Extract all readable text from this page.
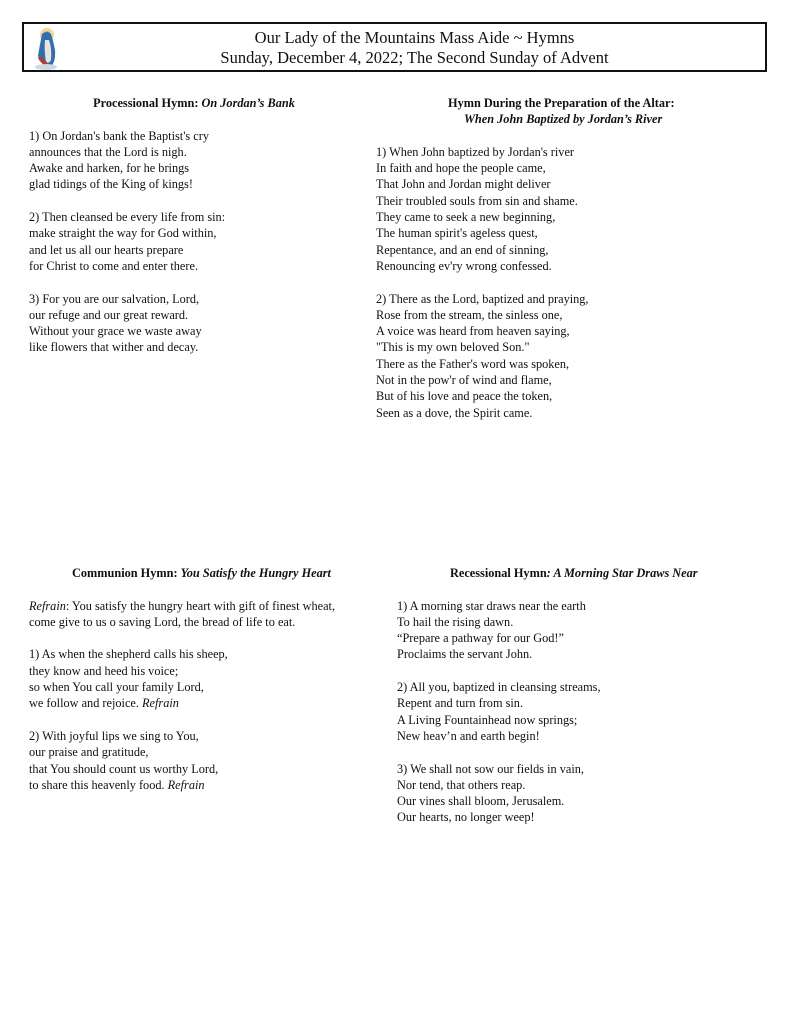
Our Lady of the Mountains Mass Aide ~ Hymns
Sunday, December 4, 2022; The Second Sunday of Advent
Processional Hymn: On Jordan’s Bank
1) On Jordan's bank the Baptist's cry
announces that the Lord is nigh.
Awake and harken, for he brings
glad tidings of the King of kings!
2) Then cleansed be every life from sin:
make straight the way for God within,
and let us all our hearts prepare
for Christ to come and enter there.
3) For you are our salvation, Lord,
our refuge and our great reward.
Without your grace we waste away
like flowers that wither and decay.
Hymn During the Preparation of the Altar:
When John Baptized by Jordan’s River
1) When John baptized by Jordan's river
In faith and hope the people came,
That John and Jordan might deliver
Their troubled souls from sin and shame.
They came to seek a new beginning,
The human spirit's ageless quest,
Repentance, and an end of sinning,
Renouncing ev'ry wrong confessed.
2) There as the Lord, baptized and praying,
Rose from the stream, the sinless one,
A voice was heard from heaven saying,
"This is my own beloved Son."
There as the Father's word was spoken,
Not in the pow'r of wind and flame,
But of his love and peace the token,
Seen as a dove, the Spirit came.
Communion Hymn: You Satisfy the Hungry Heart
Refrain: You satisfy the hungry heart with gift of finest wheat,
come give to us o saving Lord, the bread of life to eat.
1) As when the shepherd calls his sheep,
they know and heed his voice;
so when You call your family Lord,
we follow and rejoice. Refrain
2) With joyful lips we sing to You,
our praise and gratitude,
that You should count us worthy Lord,
to share this heavenly food. Refrain
Recessional Hymn: A Morning Star Draws Near
1) A morning star draws near the earth
To hail the rising dawn.
“Prepare a pathway for our God!”
Proclaims the servant John.
2) All you, baptized in cleansing streams,
Repent and turn from sin.
A Living Fountainhead now springs;
New heav’n and earth begin!
3) We shall not sow our fields in vain,
Nor tend, that others reap.
Our vines shall bloom, Jerusalem.
Our hearts, no longer weep!
